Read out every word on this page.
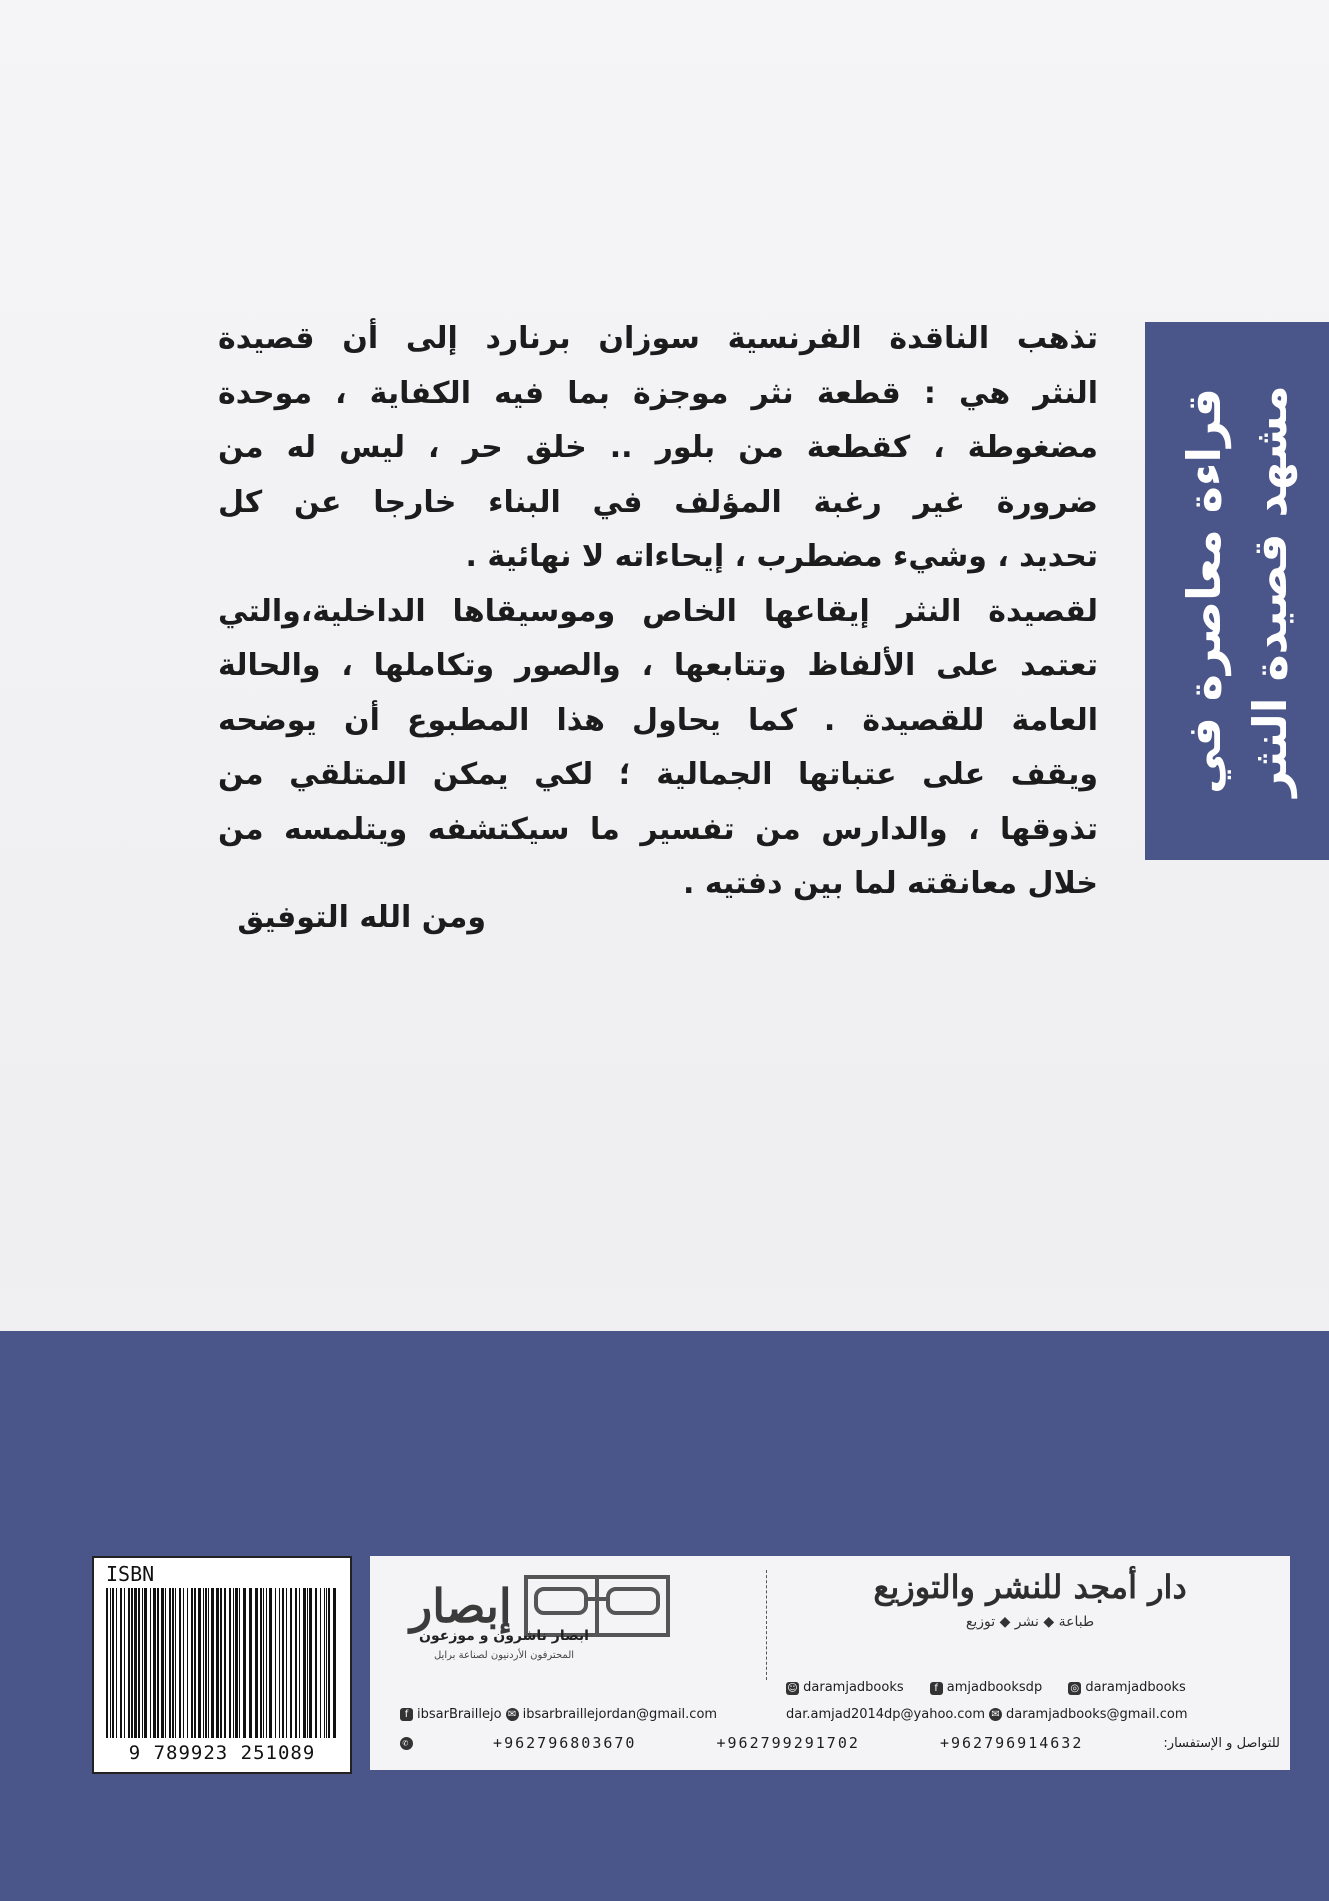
تذهب الناقدة الفرنسية سوزان برنارد إلى أن قصيدة

النثر هي : قطعة نثر موجزة بما فيه الكفاية ، موحدة

مضغوطة ، كقطعة من بلور .. خلق حر ، ليس له من

ضرورة غير رغبة المؤلف في البناء خارجا عن كل

تحديد ، وشيء مضطرب ، إيحاءاته لا نهائية .

لقصيدة النثر إيقاعها الخاص وموسيقاها الداخلية،والتي

تعتمد على الألفاظ وتتابعها ، والصور وتكاملها ، والحالة

العامة للقصيدة . كما يحاول هذا المطبوع أن يوضحه

ويقف على عتباتها الجمالية ؛ لكي يمكن المتلقي من

تذوقها ، والدارس من تفسير ما سيكتشفه ويتلمسه من

خلال معانقته لما بين دفتيه .

ومن الله التوفيق
قراءة معاصرة في مشهد قصيدة النثر
ISBN
9 789923 251089
إبصار
ابصار ناشرون و موزعون
المحترفون الأردنيون لصناعة برايل
دار أمجد للنشر والتوزيع
طباعة ◆ نشر ◆ توزيع
☺ daramjadbooks	f amjadbooksdp	◎ daramjadbooks
dar.amjad2014dp@yahoo.com ✉ daramjadbooks@gmail.com
f ibsarBraillejo ✉ ibsarbraillejordan@gmail.com
✆	+962796803670	+962799291702	+962796914632	للتواصل و الإستفسار:
